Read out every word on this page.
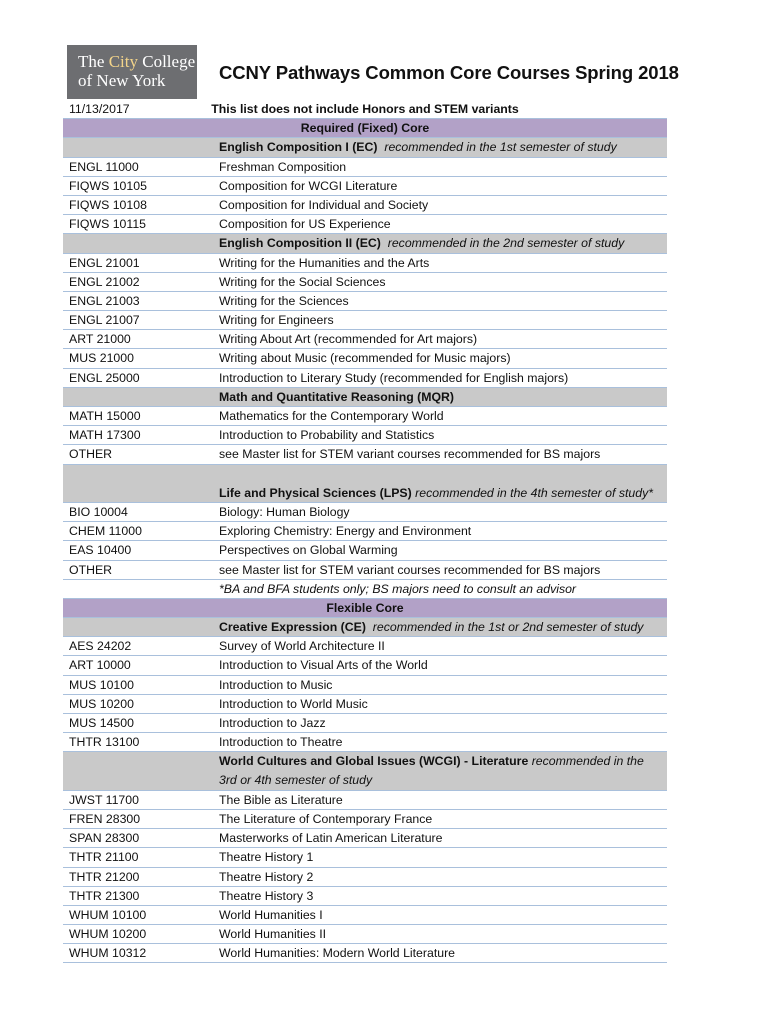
The City College
of New York	CCNY Pathways Common Core Courses Spring 2018
11/13/2017	This list does not include Honors and STEM variants
Required (Fixed) Core
English Composition I (EC) recommended in the 1st semester of study
ENGL 11000	Freshman Composition
FIQWS 10105	Composition for WCGI Literature
FIQWS 10108	Composition for Individual and Society
FIQWS 10115	Composition for US Experience
English Composition II (EC) recommended in the 2nd semester of study
ENGL 21001	Writing for the Humanities and the Arts
ENGL 21002	Writing for the Social Sciences
ENGL 21003	Writing for the Sciences
ENGL 21007	Writing for Engineers
ART 21000	Writing About Art (recommended for Art majors)
MUS 21000	Writing about Music (recommended for Music majors)
ENGL 25000	Introduction to Literary Study (recommended for English majors)
Math and Quantitative Reasoning (MQR)
MATH 15000	Mathematics for the Contemporary World
MATH 17300	Introduction to Probability and Statistics
OTHER	see Master list for STEM variant courses recommended for BS majors
Life and Physical Sciences (LPS) recommended in the 4th semester of study*
BIO 10004	Biology: Human Biology
CHEM 11000	Exploring Chemistry: Energy and Environment
EAS 10400	Perspectives on Global Warming
OTHER	see Master list for STEM variant courses recommended for BS majors
*BA and BFA students only; BS majors need to consult an advisor
Flexible Core
Creative Expression (CE) recommended in the 1st or 2nd semester of study
AES 24202	Survey of World Architecture II
ART 10000	Introduction to Visual Arts of the World
MUS 10100	Introduction to Music
MUS 10200	Introduction to World Music
MUS 14500	Introduction to Jazz
THTR 13100	Introduction to Theatre
World Cultures and Global Issues (WCGI) - Literature recommended in the 3rd or 4th semester of study
JWST 11700	The Bible as Literature
FREN 28300	The Literature of Contemporary France
SPAN 28300	Masterworks of Latin American Literature
THTR 21100	Theatre History 1
THTR 21200	Theatre History 2
THTR 21300	Theatre History 3
WHUM 10100	World Humanities I
WHUM 10200	World Humanities II
WHUM 10312	World Humanities: Modern World Literature
